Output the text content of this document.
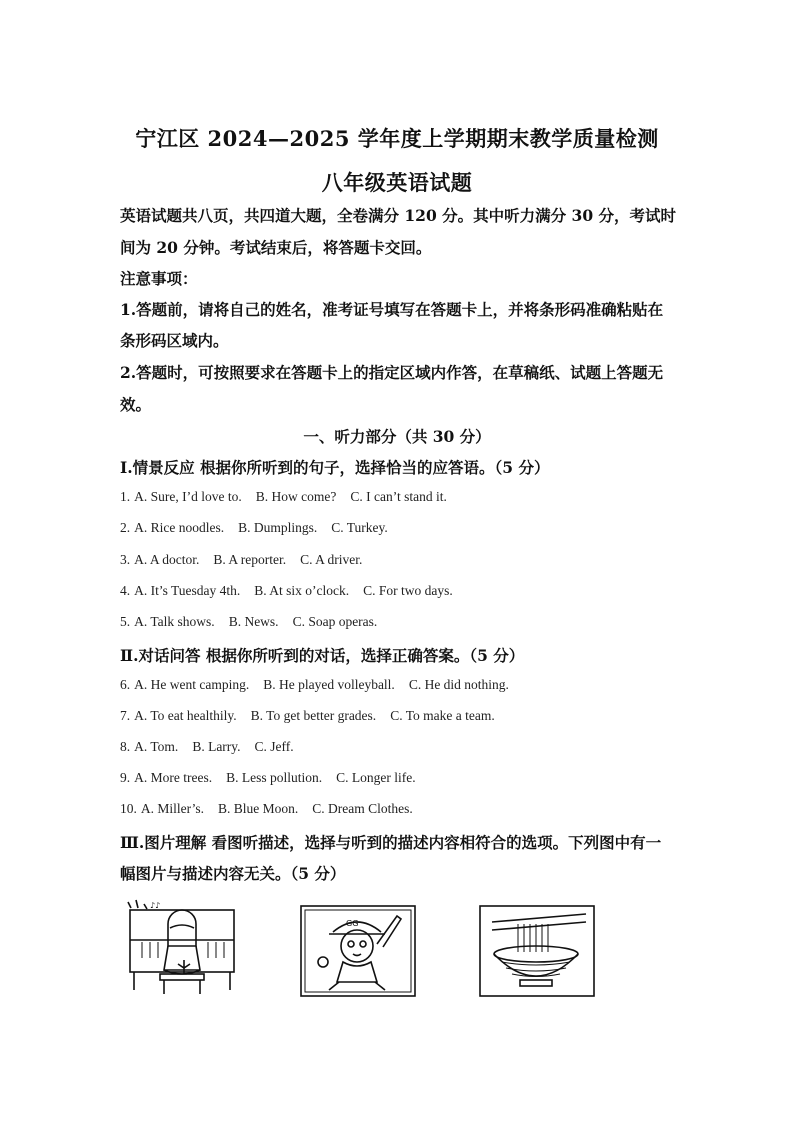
宁江区 2024—2025 学年度上学期期末教学质量检测
八年级英语试题
英语试题共八页，共四道大题，全卷满分 120 分。其中听力满分 30 分，考试时
间为 20 分钟。考试结束后，将答题卡交回。
注意事项：
1.答题前，请将自己的姓名，准考证号填写在答题卡上，并将条形码准确粘贴在
条形码区域内。
2.答题时，可按照要求在答题卡上的指定区域内作答，在草稿纸、试题上答题无
效。
一、听力部分（共 30 分）
Ⅰ.情景反应 根据你所听到的句子，选择恰当的应答语。（5 分）
1. A. Sure, I’d love to. B. How come? C. I can’t stand it.
2. A. Rice noodles. B. Dumplings. C. Turkey.
3. A. A doctor. B. A reporter. C. A driver.
4. A. It’s Tuesday 4th. B. At six o’clock. C. For two days.
5. A. Talk shows. B. News. C. Soap operas.
Ⅱ.对话问答 根据你所听到的对话，选择正确答案。（5 分）
6. A. He went camping. B. He played volleyball. C. He did nothing.
7. A. To eat healthily. B. To get better grades. C. To make a team.
8. A. Tom. B. Larry. C. Jeff.
9. A. More trees. B. Less pollution. C. Longer life.
10. A. Miller’s. B. Blue Moon. C. Dream Clothes.
Ⅲ.图片理解 看图听描述，选择与听到的描述内容相符合的选项。下列图中有一
幅图片与描述内容无关。（5 分）
♪♪
GG
